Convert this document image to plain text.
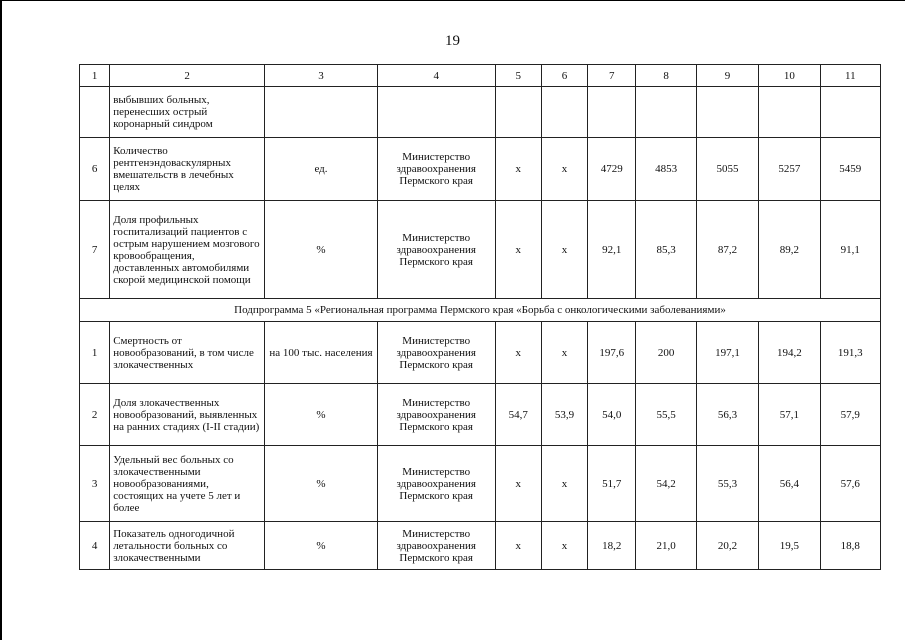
19
1	2	3	4	5	6	7	8	9	10	11
	выбывших больных, перенесших острый коронарный синдром									
6	Количество рентгенэндоваскулярных вмешательств в лечебных целях	ед.	Министерство здравоохранения Пермского края	x	x	4729	4853	5055	5257	5459
7	Доля профильных госпитализаций пациентов с острым нарушением мозгового кровообращения, доставленных автомобилями скорой медицинской помощи	%	Министерство здравоохранения Пермского края	x	x	92,1	85,3	87,2	89,2	91,1
Подпрограмма 5 «Региональная программа Пермского края «Борьба с онкологическими заболеваниями»										
1	Смертность от новообразований, в том числе злокачественных	на 100 тыс. населения	Министерство здравоохранения Пермского края	x	x	197,6	200	197,1	194,2	191,3
2	Доля злокачественных новообразований, выявленных на ранних стадиях (I-II стадии)	%	Министерство здравоохранения Пермского края	54,7	53,9	54,0	55,5	56,3	57,1	57,9
3	Удельный вес больных со злокачественными новообразованиями, состоящих на учете 5 лет и более	%	Министерство здравоохранения Пермского края	x	x	51,7	54,2	55,3	56,4	57,6
4	Показатель одногодичной летальности больных со злокачественными	%	Министерство здравоохранения Пермского края	x	x	18,2	21,0	20,2	19,5	18,8
